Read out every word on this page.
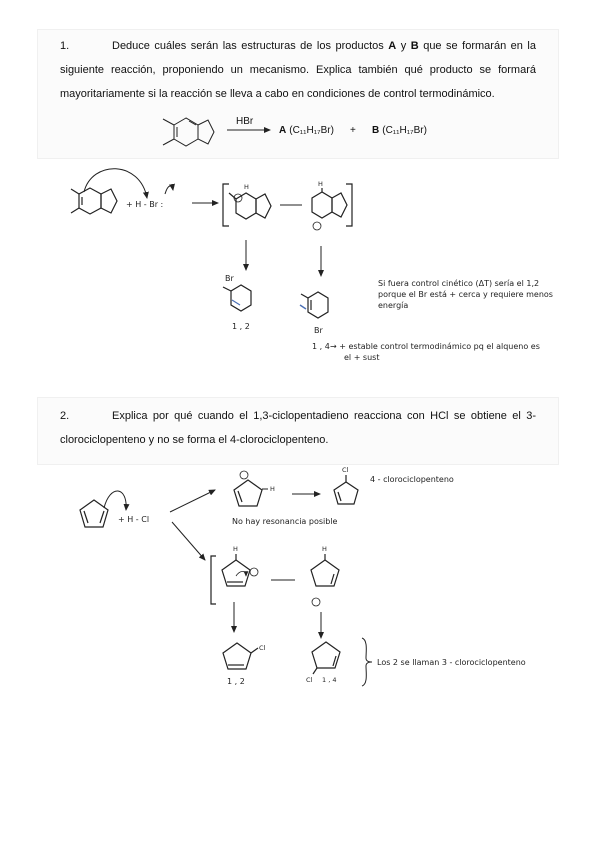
1.	Deduce cuáles serán las estructuras de los productos A y B que se formarán en la siguiente reacción, proponiendo un mecanismo. Explica también qué producto se formará mayoritariamente si la reacción se lleva a cabo en condiciones de control termodinámico.
2.	Explica por qué cuando el 1,3-ciclopentadieno reacciona con HCl se obtiene el 3-clorociclopenteno y no se forma el 4-clorociclopenteno.
HBr
A (C₁₁H₁₇Br) + B (C₁₁H₁₇Br)
+ H - Br :
H	H
Br
1 , 2	Br
Si fuera control cinético (ΔT) sería el 1,2
porque el Br está + cerca y requiere menos
energía
1 , 4 → + estable control termodinámico pq el alqueno es
el + sust
+ H - Cl
H
Cl
4 - clorociclopenteno
No hay resonancia posible
H	H
Cl
1 , 2	Cl 1 , 4
Los 2 se llaman 3 - clorociclopenteno
